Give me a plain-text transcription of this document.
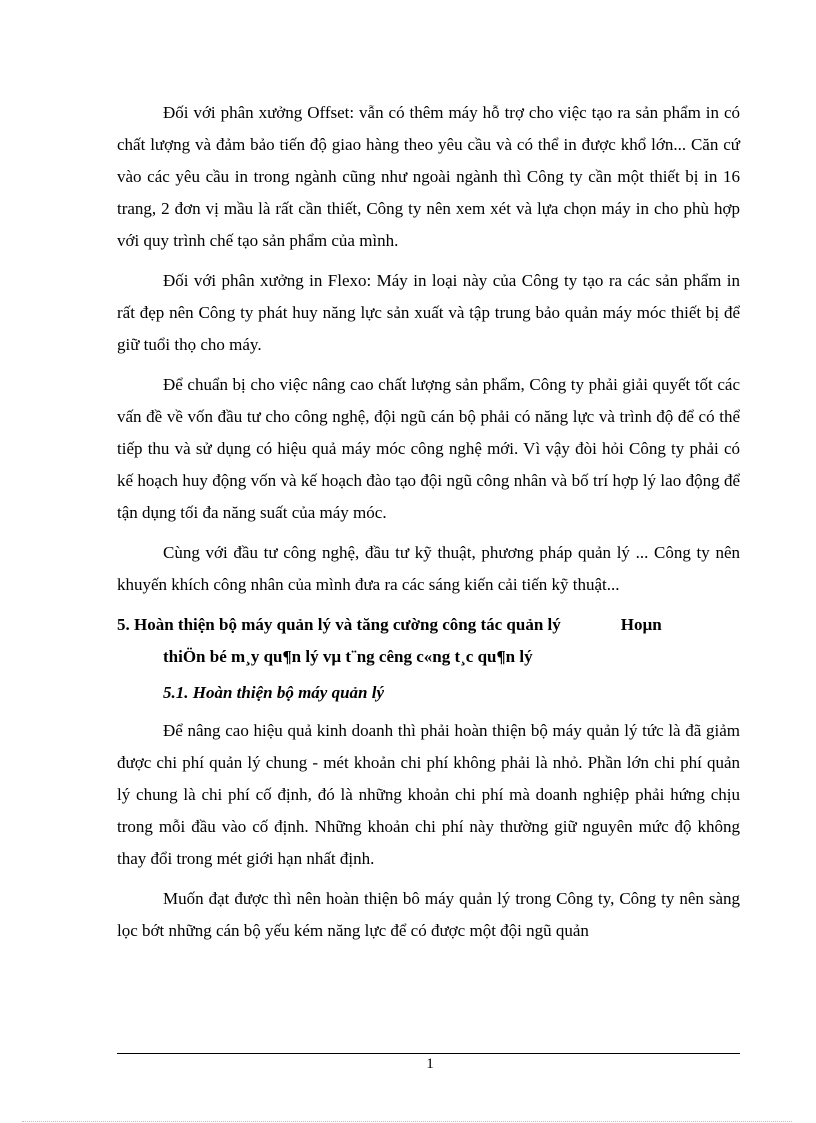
Đối với phân xưởng Offset: vẫn có thêm máy hỗ trợ cho việc tạo ra sản phẩm in có chất lượng và đảm bảo tiến độ giao hàng theo yêu cầu và có thể in được khổ lớn... Căn cứ vào các yêu cầu in trong ngành cũng như ngoài ngành thì Công ty cần một thiết bị in 16 trang, 2 đơn vị mầu là rất cần thiết, Công ty nên xem xét và lựa chọn máy in cho phù hợp với quy trình chế tạo sản phẩm của mình.

Đối với phân xưởng in Flexo: Máy in loại này của Công ty tạo ra các sản phẩm in rất đẹp nên Công ty phát huy năng lực sản xuất và tập trung bảo quản máy móc thiết bị để giữ tuổi thọ cho máy.

Để chuẩn bị cho việc nâng cao chất lượng sản phẩm, Công ty phải giải quyết tốt các vấn đề về vốn đầu tư cho công nghệ, đội ngũ cán bộ phải có năng lực và trình độ để có thể tiếp thu và sử dụng có hiệu quả máy móc công nghệ mới. Vì vậy đòi hỏi Công ty phải có kế hoạch huy động vốn và kế hoạch đào tạo đội ngũ công nhân và bố trí hợp lý lao động để tận dụng tối đa năng suất của máy móc.

Cùng với đầu tư công nghệ, đầu tư kỹ thuật, phương pháp quản lý ... Công ty nên khuyến khích công nhân của mình đưa ra các sáng kiến cải tiến kỹ thuật...

5. Hoàn thiện bộ máy quản lý và tăng cường công tác quản lý	Hoµn
thiÖn bé m¸y qu¶n lý vµ t¨ng cêng c«ng t¸c qu¶n lý
5.1. Hoàn thiện bộ máy quản lý

Để nâng cao hiệu quả kinh doanh thì phải hoàn thiện bộ máy quản lý tức là đã giảm được chi phí quản lý chung - mét khoản chi phí không phải là nhỏ. Phần lớn chi phí quản lý chung là chi phí cố định, đó là những khoản chi phí mà doanh nghiệp phải hứng chịu trong mỗi đầu vào cố định. Những khoản chi phí này thường giữ nguyên mức độ không thay đổi trong mét giới hạn nhất định.

Muốn đạt được thì nên hoàn thiện bô máy quản lý trong Công ty, Công ty nên sàng lọc bớt những cán bộ yếu kém năng lực để có được một đội ngũ quản

1
